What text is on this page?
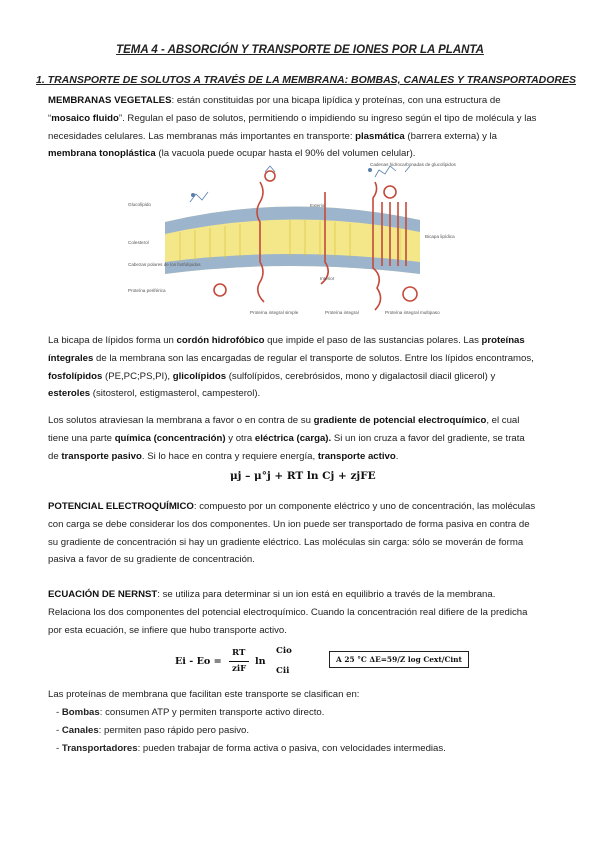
TEMA 4 - ABSORCIÓN Y TRANSPORTE DE IONES POR LA PLANTA
1. TRANSPORTE DE SOLUTOS A TRAVÉS DE LA MEMBRANA: BOMBAS, CANALES Y TRANSPORTADORES
MEMBRANAS VEGETALES: están constituidas por una bicapa lipídica y proteínas, con una estructura de “mosaico fluido”. Regulan el paso de solutos, permitiendo o impidiendo su ingreso según el tipo de molécula y las necesidades celulares. Las membranas más importantes en transporte: plasmática (barrera externa) y la membrana tonoplástica (la vacuola puede ocupar hasta el 90% del volumen celular).
Glucolípido	Exterior
Interior
Cadenas hidrocarbonadas de glucolípidos
Bicapa lipídica
Colesterol
Cabezas polares de los fosfolípidos
Proteína periférica
Proteína integral simple	Proteína integral	Proteína integral multipaso
La bicapa de lípidos forma un cordón hidrofóbico que impide el paso de las sustancias polares. Las proteínas íntegrales de la membrana son las encargadas de regular el transporte de solutos. Entre los lípidos encontramos, fosfolípidos (PE,PC;PS,PI), glicolípidos (sulfolípidos, cerebrósidos, mono y digalactosil diacil glicerol) y esteroles (sitosterol, estigmasterol, campesterol).
Los solutos atraviesan la membrana a favor o en contra de su gradiente de potencial electroquímico, el cual tiene una parte química (concentración) y otra eléctrica (carga). Si un ion cruza a favor del gradiente, se trata de transporte pasivo. Si lo hace en contra y requiere energía, transporte activo.
μj – μ°j + RT ln Cj + zjFE
POTENCIAL ELECTROQUÍMICO: compuesto por un componente eléctrico y uno de concentración, las moléculas con carga se debe considerar los dos componentes. Un ion puede ser transportado de forma pasiva en contra de su gradiente de concentración si hay un gradiente eléctrico. Las moléculas sin carga: sólo se moverán de forma pasiva a favor de su gradiente de concentración.
ECUACIÓN DE NERNST: se utiliza para determinar si un ion está en equilibrio a través de la membrana. Relaciona los dos componentes del potencial electroquímico. Cuando la concentración real difiere de la predicha por esta ecuación, se infiere que hubo transporte activo.
Ei - Eo =
RT
ziF
ln
Cio
Cii
A 25 °C ΔE=59/Z log Cext/Cint
Las proteínas de membrana que facilitan este transporte se clasifican en:
- Bombas: consumen ATP y permiten transporte activo directo.
- Canales: permiten paso rápido pero pasivo.
- Transportadores: pueden trabajar de forma activa o pasiva, con velocidades intermedias.
